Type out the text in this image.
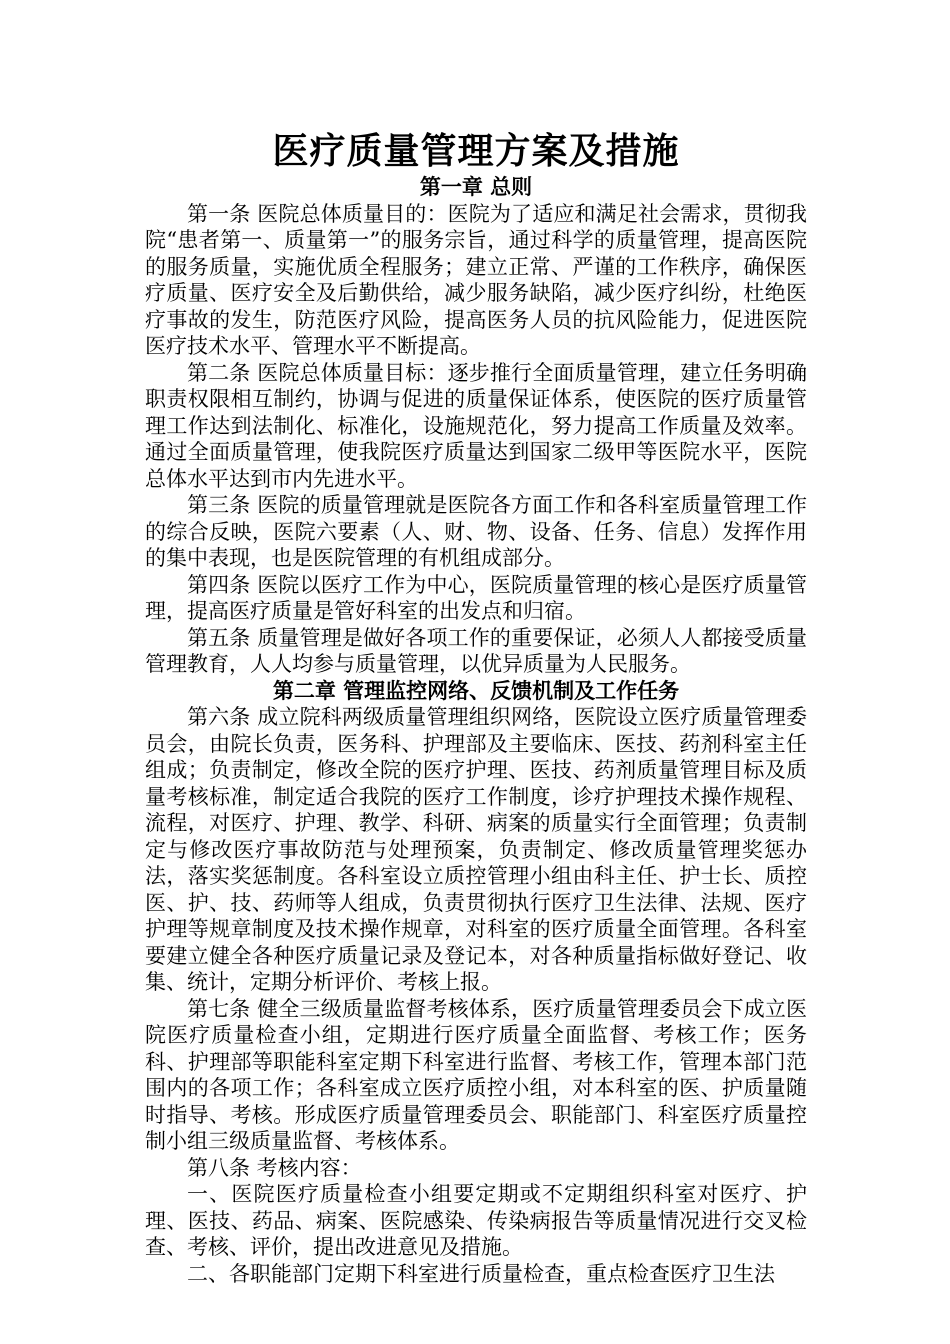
医疗质量管理方案及措施
第一章 总则

第一条 医院总体质量目的：医院为了适应和满足社会需求，贯彻我院“患者第一、质量第一”的服务宗旨，通过科学的质量管理，提高医院的服务质量，实施优质全程服务；建立正常、严谨的工作秩序，确保医疗质量、医疗安全及后勤供给，减少服务缺陷，减少医疗纠纷，杜绝医疗事故的发生，防范医疗风险，提高医务人员的抗风险能力，促进医院医疗技术水平、管理水平不断提高。

第二条 医院总体质量目标：逐步推行全面质量管理，建立任务明确职责权限相互制约，协调与促进的质量保证体系，使医院的医疗质量管理工作达到法制化、标准化，设施规范化，努力提高工作质量及效率。通过全面质量管理，使我院医疗质量达到国家二级甲等医院水平，医院总体水平达到市内先进水平。

第三条 医院的质量管理就是医院各方面工作和各科室质量管理工作的综合反映，医院六要素（人、财、物、设备、任务、信息）发挥作用的集中表现，也是医院管理的有机组成部分。

第四条 医院以医疗工作为中心，医院质量管理的核心是医疗质量管理，提高医疗质量是管好科室的出发点和归宿。

第五条 质量管理是做好各项工作的重要保证，必须人人都接受质量管理教育，人人均参与质量管理，以优异质量为人民服务。

第二章 管理监控网络、反馈机制及工作任务

第六条 成立院科两级质量管理组织网络，医院设立医疗质量管理委员会，由院长负责，医务科、护理部及主要临床、医技、药剂科室主任组成；负责制定，修改全院的医疗护理、医技、药剂质量管理目标及质量考核标准，制定适合我院的医疗工作制度，诊疗护理技术操作规程、流程，对医疗、护理、教学、科研、病案的质量实行全面管理；负责制定与修改医疗事故防范与处理预案，负责制定、修改质量管理奖惩办法，落实奖惩制度。各科室设立质控管理小组由科主任、护士长、质控医、护、技、药师等人组成，负责贯彻执行医疗卫生法律、法规、医疗护理等规章制度及技术操作规章，对科室的医疗质量全面管理。各科室要建立健全各种医疗质量记录及登记本，对各种质量指标做好登记、收集、统计，定期分析评价、考核上报。

第七条 健全三级质量监督考核体系，医疗质量管理委员会下成立医院医疗质量检查小组，定期进行医疗质量全面监督、考核工作；医务科、护理部等职能科室定期下科室进行监督、考核工作，管理本部门范围内的各项工作；各科室成立医疗质控小组，对本科室的医、护质量随时指导、考核。形成医疗质量管理委员会、职能部门、科室医疗质量控制小组三级质量监督、考核体系。

第八条 考核内容：

一、医院医疗质量检查小组要定期或不定期组织科室对医疗、护理、医技、药品、病案、医院感染、传染病报告等质量情况进行交叉检查、考核、评价，提出改进意见及措施。

二、各职能部门定期下科室进行质量检查，重点检查医疗卫生法
